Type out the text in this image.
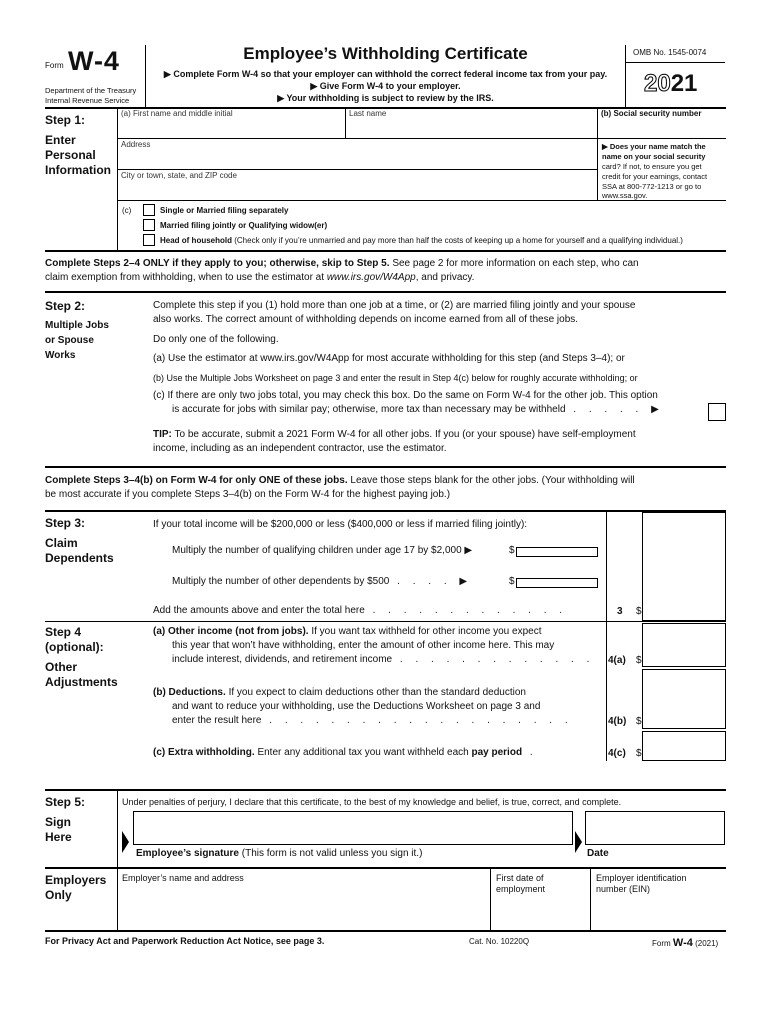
Form W-4
Department of the Treasury
Internal Revenue Service
Employee’s Withholding Certificate
▶ Complete Form W-4 so that your employer can withhold the correct federal income tax from your pay.
▶ Give Form W-4 to your employer.
▶ Your withholding is subject to review by the IRS.
OMB No. 1545-0074
2021
Step 1:
Enter
Personal
Information
(a) First name and middle initial	Last name	(b) Social security number
Address
City or town, state, and ZIP code
▶ Does your name match the
name on your social security
card? If not, to ensure you get
credit for your earnings, contact
SSA at 800-772-1213 or go to
www.ssa.gov.
(c)	Single or Married filing separately
Married filing jointly or Qualifying widow(er)
Head of household (Check only if you’re unmarried and pay more than half the costs of keeping up a home for yourself and a qualifying individual.)
Complete Steps 2–4 ONLY if they apply to you; otherwise, skip to Step 5. See page 2 for more information on each step, who can
claim exemption from withholding, when to use the estimator at www.irs.gov/W4App, and privacy.
Step 2:
Multiple Jobs
or Spouse
Works
Complete this step if you (1) hold more than one job at a time, or (2) are married filing jointly and your spouse
also works. The correct amount of withholding depends on income earned from all of these jobs.
Do only one of the following.
(a) Use the estimator at www.irs.gov/W4App for most accurate withholding for this step (and Steps 3–4); or
(b) Use the Multiple Jobs Worksheet on page 3 and enter the result in Step 4(c) below for roughly accurate withholding; or
(c) If there are only two jobs total, you may check this box. Do the same on Form W-4 for the other job. This option
is accurate for jobs with similar pay; otherwise, more tax than necessary may be withheld . . . . . ▶
TIP: To be accurate, submit a 2021 Form W-4 for all other jobs. If you (or your spouse) have self-employment
income, including as an independent contractor, use the estimator.
Complete Steps 3–4(b) on Form W-4 for only ONE of these jobs. Leave those steps blank for the other jobs. (Your withholding will
be most accurate if you complete Steps 3–4(b) on the Form W-4 for the highest paying job.)
Step 3:
Claim
Dependents
If your total income will be $200,000 or less ($400,000 or less if married filing jointly):
Multiply the number of qualifying children under age 17 by $2,000 ▶	$
Multiply the number of other dependents by $500 . . . . ▶	$
Add the amounts above and enter the total here . . . . . . . . . . . . .	3 $
Step 4
(optional):
Other
Adjustments
(a) Other income (not from jobs). If you want tax withheld for other income you expect
this year that won’t have withholding, enter the amount of other income here. This may
include interest, dividends, and retirement income . . . . . . . . . . . . . 4(a) $
(b) Deductions. If you expect to claim deductions other than the standard deduction
and want to reduce your withholding, use the Deductions Worksheet on page 3 and
enter the result here . . . . . . . . . . . . . . . . . . . .	4(b) $
(c) Extra withholding. Enter any additional tax you want withheld each pay period .	4(c) $
Step 5:
Sign
Here
Under penalties of perjury, I declare that this certificate, to the best of my knowledge and belief, is true, correct, and complete.
Employee’s signature (This form is not valid unless you sign it.)	Date
Employers
Only
Employer’s name and address	First date of
employment
Employer identification
number (EIN)
For Privacy Act and Paperwork Reduction Act Notice, see page 3.	Cat. No. 10220Q	Form W-4 (2021)
